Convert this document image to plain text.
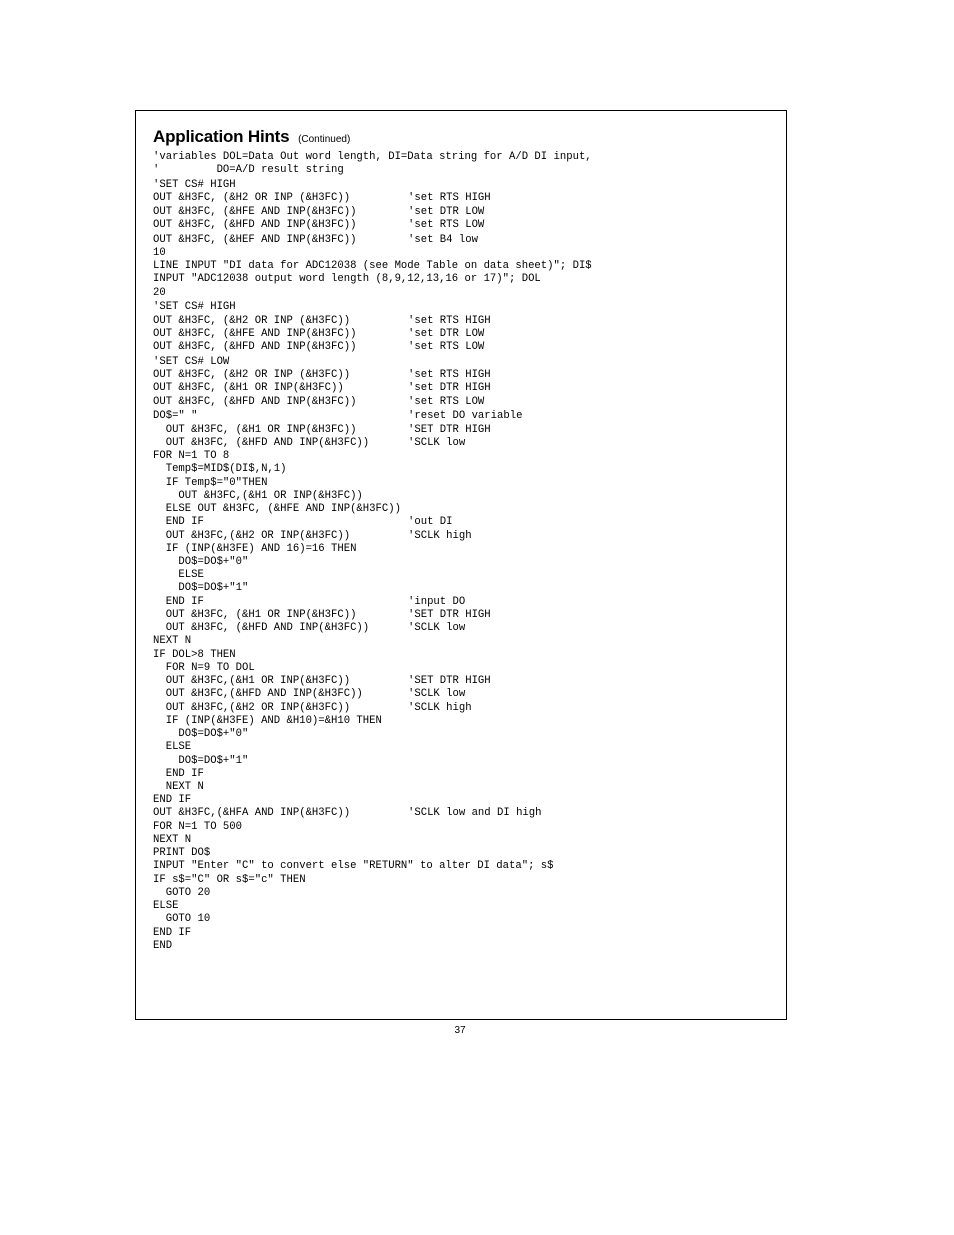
Application Hints (Continued)
'variables DOL=Data Out word length, DI=Data string for A/D DI input,
'         DO=A/D result string
'SET CS# HIGH
OUT &H3FC, (&H2 OR INP (&H3FC))	'set RTS HIGH
OUT &H3FC, (&HFE AND INP(&H3FC))	'set DTR LOW
OUT &H3FC, (&HFD AND INP(&H3FC))	'set RTS LOW
OUT &H3FC, (&HEF AND INP(&H3FC))	'set B4 low
10
LINE INPUT "DI data for ADC12038 (see Mode Table on data sheet)"; DI$
INPUT "ADC12038 output word length (8,9,12,13,16 or 17)"; DOL
20
'SET CS# HIGH
OUT &H3FC, (&H2 OR INP (&H3FC))	'set RTS HIGH
OUT &H3FC, (&HFE AND INP(&H3FC))	'set DTR LOW
OUT &H3FC, (&HFD AND INP(&H3FC))	'set RTS LOW
'SET CS# LOW
OUT &H3FC, (&H2 OR INP (&H3FC))	'set RTS HIGH
OUT &H3FC, (&H1 OR INP(&H3FC))	'set DTR HIGH
OUT &H3FC, (&HFD AND INP(&H3FC))	'set RTS LOW
DO$=" "	'reset DO variable
OUT &H3FC, (&H1 OR INP(&H3FC))	'SET DTR HIGH
OUT &H3FC, (&HFD AND INP(&H3FC))	'SCLK low
FOR N=1 TO 8
Temp$=MID$(DI$,N,1)
IF Temp$="0"THEN
OUT &H3FC,(&H1 OR INP(&H3FC))
ELSE OUT &H3FC, (&HFE AND INP(&H3FC))
END IF	'out DI
OUT &H3FC,(&H2 OR INP(&H3FC))	'SCLK high
IF (INP(&H3FE) AND 16)=16 THEN
DO$=DO$+"0"
ELSE
DO$=DO$+"1"
END IF	'input DO
OUT &H3FC, (&H1 OR INP(&H3FC))	'SET DTR HIGH
OUT &H3FC, (&HFD AND INP(&H3FC))	'SCLK low
NEXT N
IF DOL>8 THEN
FOR N=9 TO DOL
OUT &H3FC,(&H1 OR INP(&H3FC))	'SET DTR HIGH
OUT &H3FC,(&HFD AND INP(&H3FC))	'SCLK low
OUT &H3FC,(&H2 OR INP(&H3FC))	'SCLK high
IF (INP(&H3FE) AND &H10)=&H10 THEN
DO$=DO$+"0"
ELSE
DO$=DO$+"1"
END IF
NEXT N
END IF
OUT &H3FC,(&HFA AND INP(&H3FC))	'SCLK low and DI high
FOR N=1 TO 500
NEXT N
PRINT DO$
INPUT "Enter "C" to convert else "RETURN" to alter DI data"; s$
IF s$="C" OR s$="c" THEN
GOTO 20
ELSE
GOTO 10
END IF
END
37
